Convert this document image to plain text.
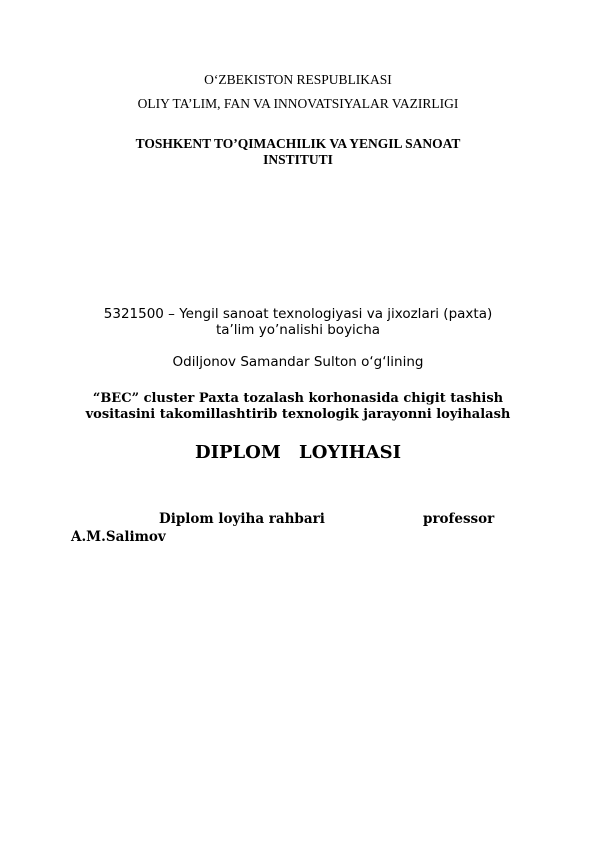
O‘ZBEKISTON RESPUBLIKASI
OLIY TA’LIM, FAN VA INNOVATSIYALAR VAZIRLIGI
TOSHKENT TO’QIMACHILIK VA YENGIL SANOAT
INSTITUTI
5321500 – Yengil sanoat texnologiyasi va jixozlari (paxta)
ta’lim yo’nalishi boyicha
Odiljonov Samandar Sulton o‘g‘lining
“BEC” cluster Paxta tozalash korhonasida chigit tashish
vositasini takomillashtirib texnologik jarayonni loyihalash
DIPLOM LOYIHASI
Diplom loyiha rahbari	professor
A.M.Salimov
